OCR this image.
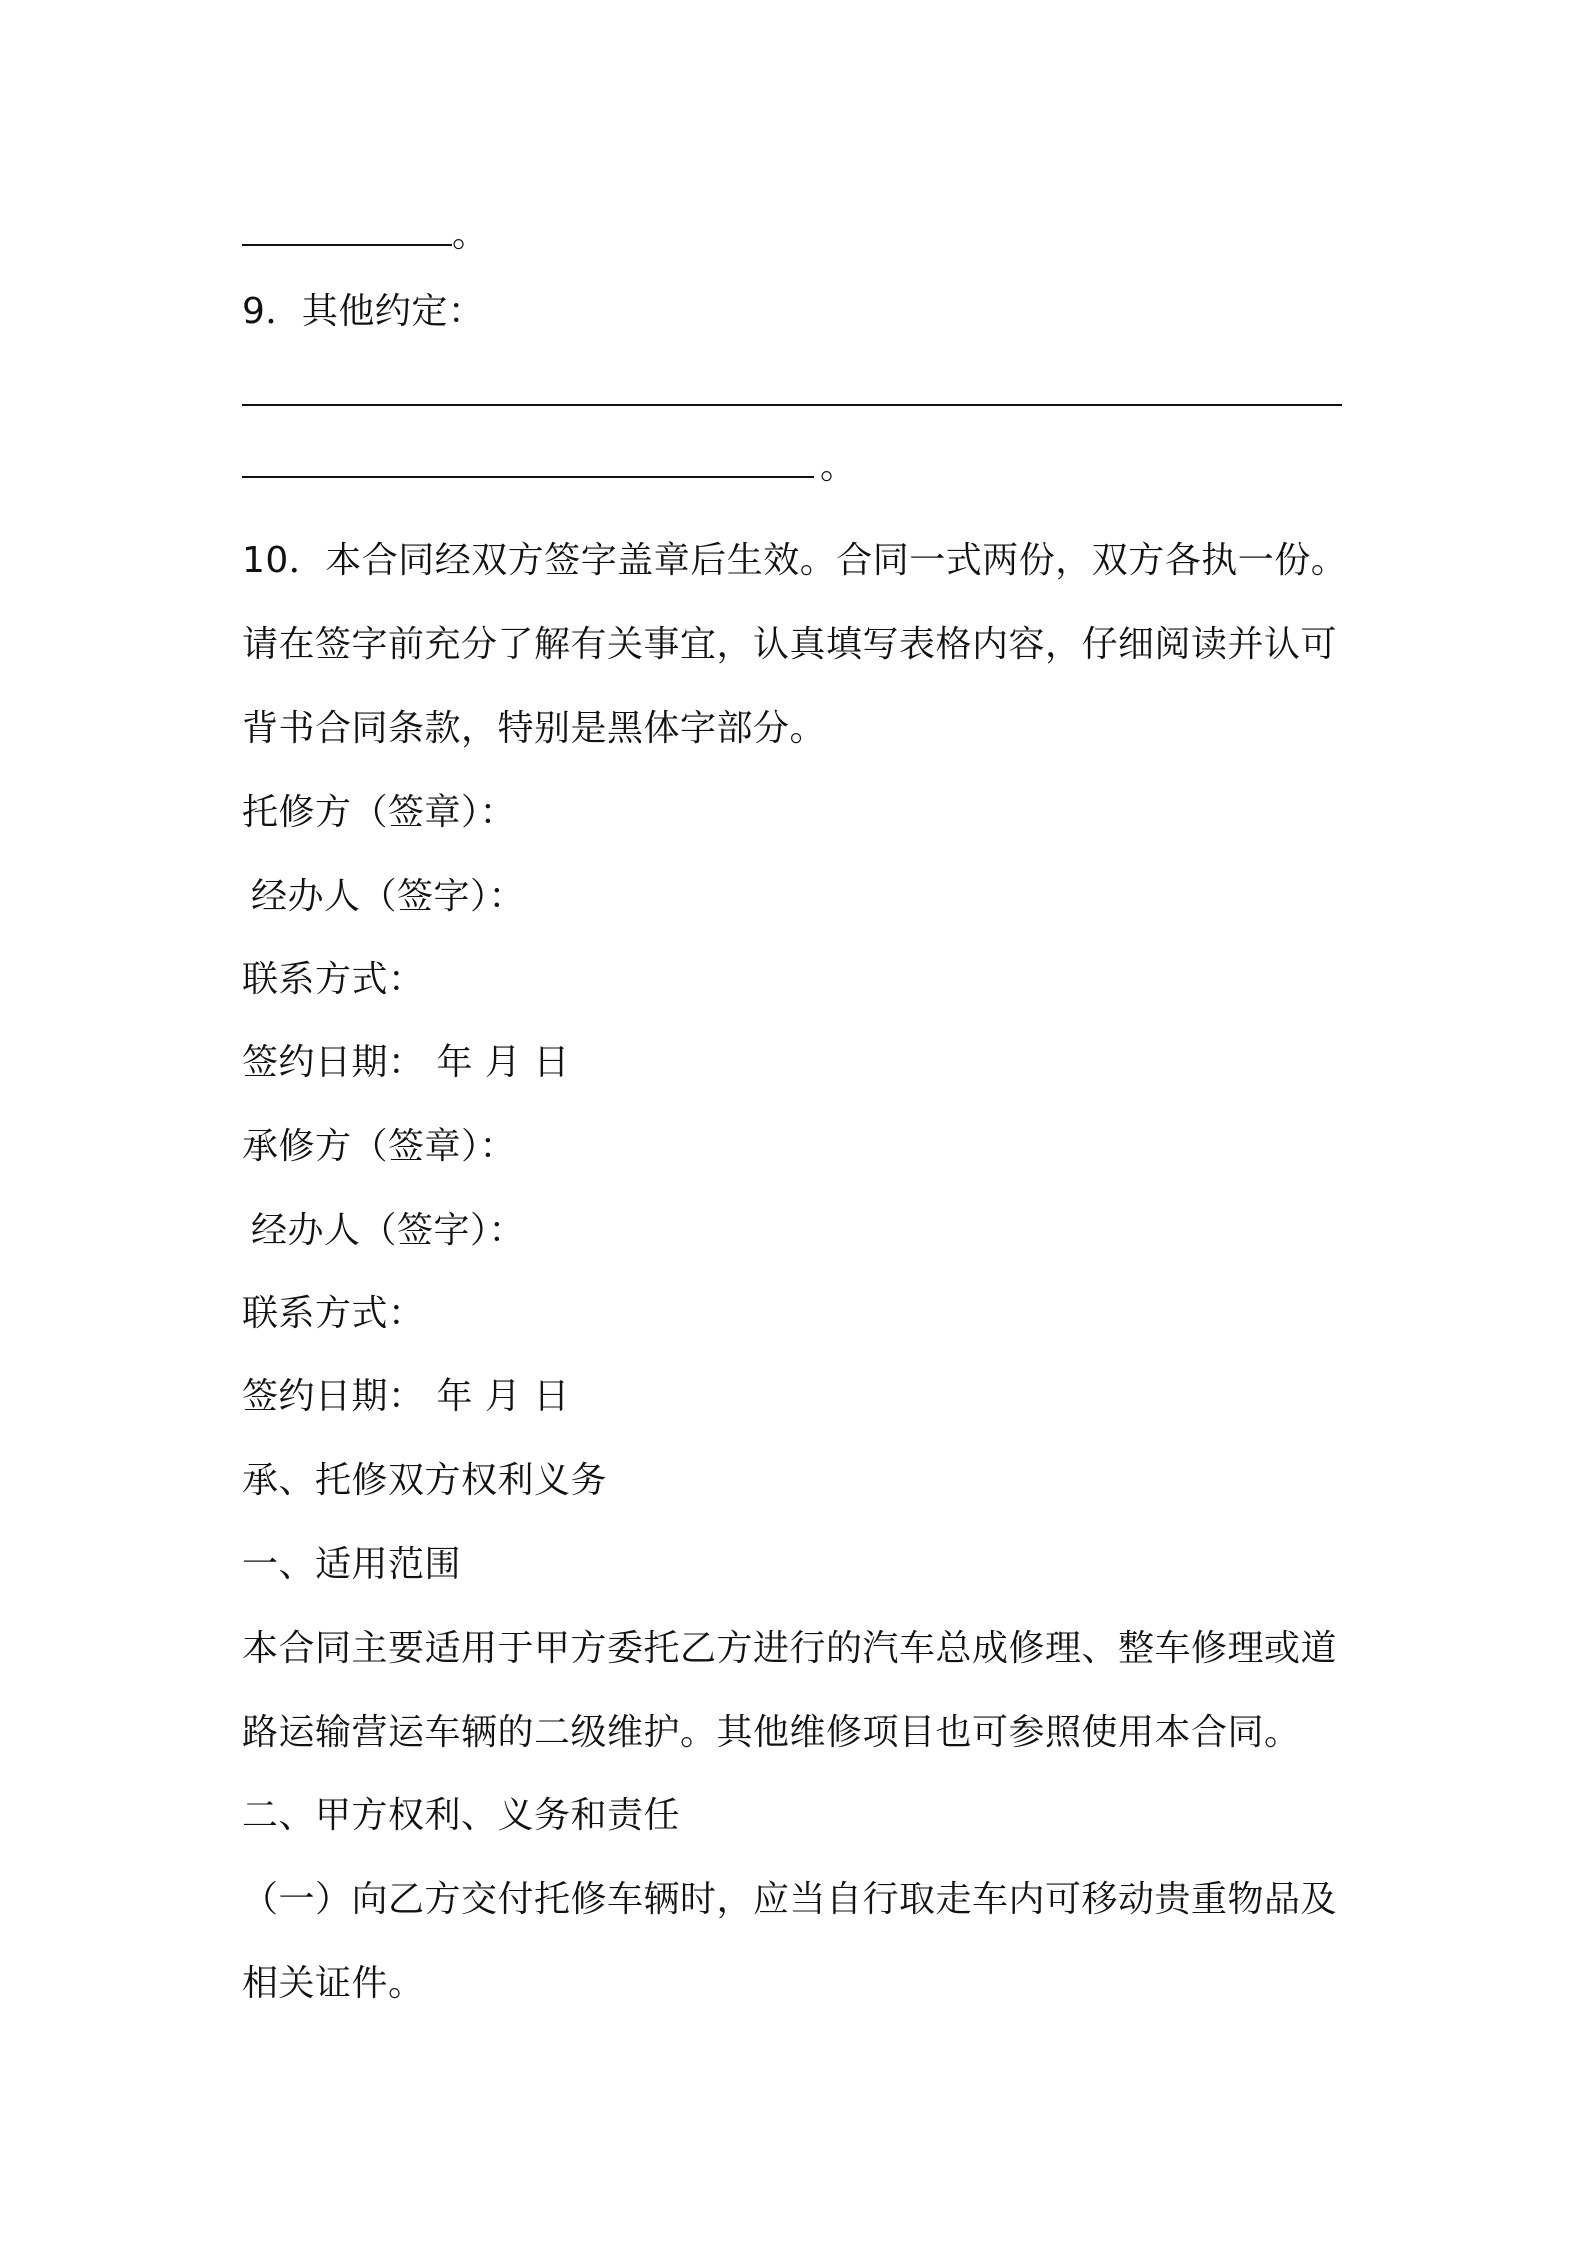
。
9．其他约定：
。
10．本合同经双方签字盖章后生效。合同一式两份，双方各执一份。
请在签字前充分了解有关事宜，认真填写表格内容，仔细阅读并认可
背书合同条款，特别是黑体字部分。
托修方（签章）：
经办人（签字）：
联系方式：
签约日期： 年 月 日
承修方（签章）：
经办人（签字）：
联系方式：
签约日期： 年 月 日
承、托修双方权利义务
一、适用范围
本合同主要适用于甲方委托乙方进行的汽车总成修理、整车修理或道
路运输营运车辆的二级维护。其他维修项目也可参照使用本合同。
二、甲方权利、义务和责任
（一）向乙方交付托修车辆时，应当自行取走车内可移动贵重物品及
相关证件。
